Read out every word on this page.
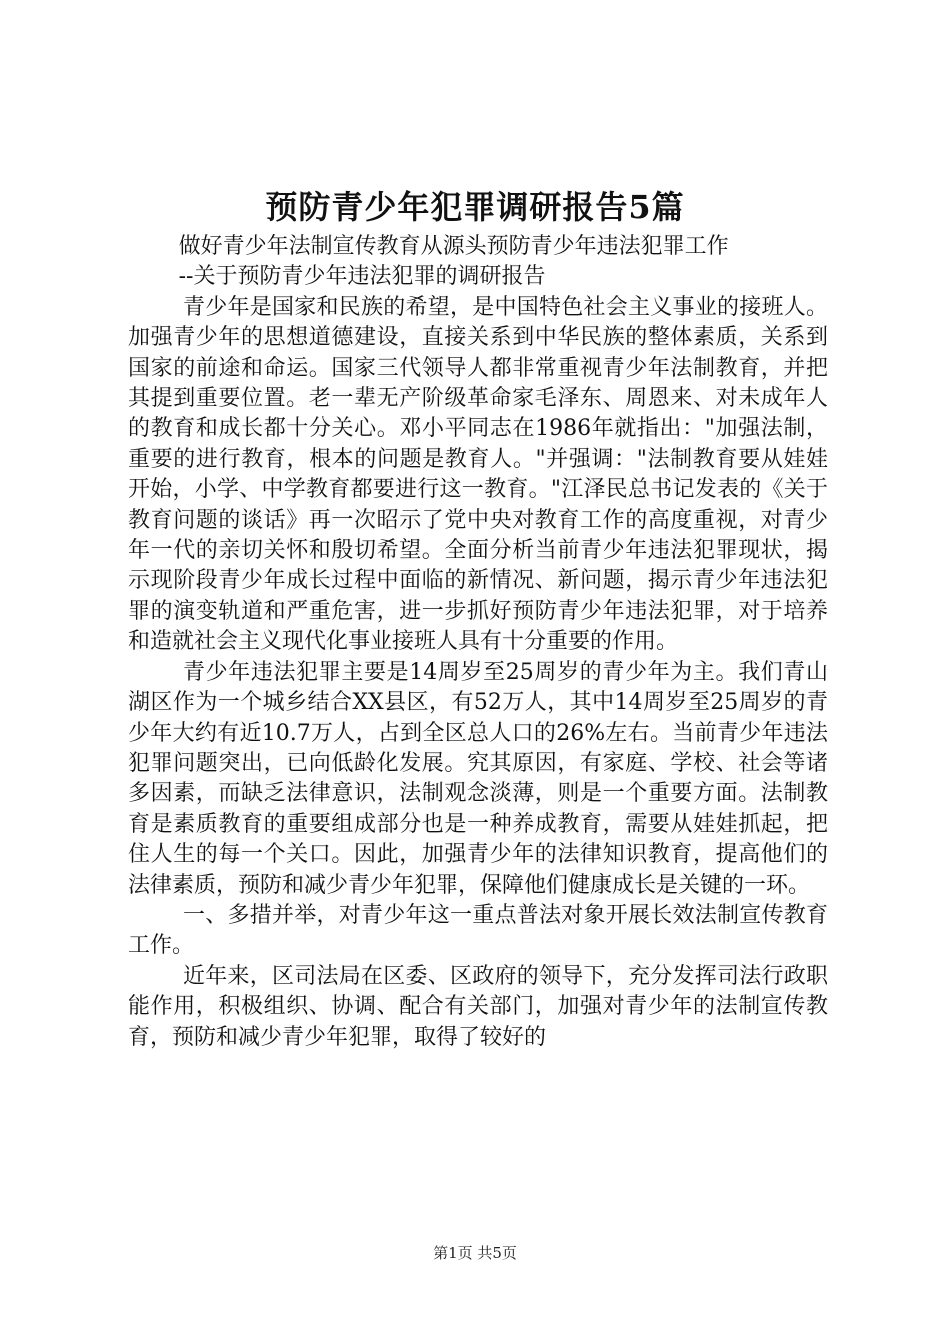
预防青少年犯罪调研报告5篇

做好青少年法制宣传教育从源头预防青少年违法犯罪工作

--关于预防青少年违法犯罪的调研报告

青少年是国家和民族的希望，是中国特色社会主义事业的接班人。加强青少年的思想道德建设，直接关系到中华民族的整体素质，关系到国家的前途和命运。国家三代领导人都非常重视青少年法制教育，并把其提到重要位置。老一辈无产阶级革命家毛泽东、周恩来、对未成年人的教育和成长都十分关心。邓小平同志在1986年就指出："加强法制，重要的进行教育，根本的问题是教育人。"并强调："法制教育要从娃娃开始，小学、中学教育都要进行这一教育。"江泽民总书记发表的《关于教育问题的谈话》再一次昭示了党中央对教育工作的高度重视，对青少年一代的亲切关怀和殷切希望。全面分析当前青少年违法犯罪现状，揭示现阶段青少年成长过程中面临的新情况、新问题，揭示青少年违法犯罪的演变轨道和严重危害，进一步抓好预防青少年违法犯罪，对于培养和造就社会主义现代化事业接班人具有十分重要的作用。

青少年违法犯罪主要是14周岁至25周岁的青少年为主。我们青山湖区作为一个城乡结合XX县区，有52万人，其中14周岁至25周岁的青少年大约有近10.7万人，占到全区总人口的26%左右。当前青少年违法犯罪问题突出，已向低龄化发展。究其原因，有家庭、学校、社会等诸多因素，而缺乏法律意识，法制观念淡薄，则是一个重要方面。法制教育是素质教育的重要组成部分也是一种养成教育，需要从娃娃抓起，把住人生的每一个关口。因此，加强青少年的法律知识教育，提高他们的法律素质，预防和减少青少年犯罪，保障他们健康成长是关键的一环。

一、多措并举，对青少年这一重点普法对象开展长效法制宣传教育工作。

近年来，区司法局在区委、区政府的领导下，充分发挥司法行政职能作用，积极组织、协调、配合有关部门，加强对青少年的法制宣传教育，预防和减少青少年犯罪，取得了较好的

第1页 共5页
